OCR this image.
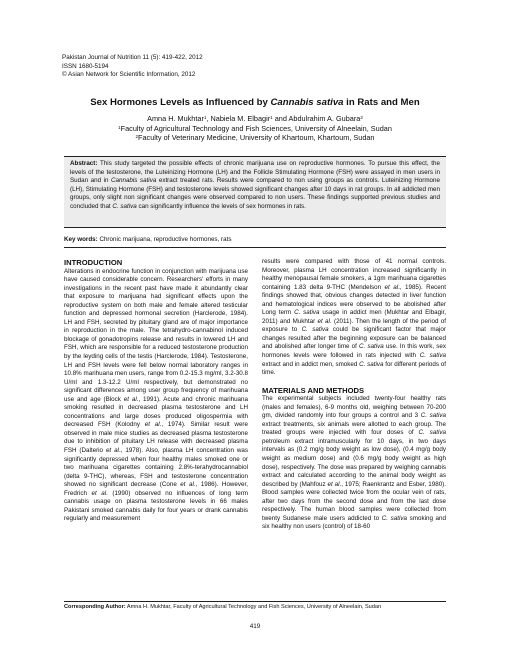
Pakistan Journal of Nutrition 11 (5): 419-422, 2012
ISSN 1680-5194
© Asian Network for Scientific Information, 2012
Sex Hormones Levels as Influenced by Cannabis sativa in Rats and Men
Amna H. Mukhtar$^1$, Nabiela M. Elbagir$^1$ and Abdulrahim A. Gubara$^2$
$^1$Faculty of Agricultural Technology and Fish Sciences, University of Alneelain, Sudan
$^2$Faculty of Veterinary Medicine, University of Khartoum, Khartoum, Sudan

Abstract: This study targeted the possible effects of chronic marijuana use on reproductive hormones. To pursue this effect, the levels of the testosterone, the Luteinizing Hormone (LH) and the Follicle Stimulating Hormone (FSH) were assayed in men users in Sudan and in Cannabis sativa extract treated rats. Results were compared to non using groups as controls. Luteinizing Hormone (LH), Stimulating Hormone (FSH) and testosterone levels showed significant changes after 10 days in rat groups. In all addicted men groups, only slight non significant changes were observed compared to non users. These findings supported previous studies and concluded that C. sativa can significantly influence the levels of sex hormones in rats.

Key words: Chronic marijuana, reproductive hormones, rats
INTRODUCTION

Alterations in endocrine function in conjunction with marijuana use have caused considerable concern. Researchers' efforts in many investigations in the recent past have made it abundantly clear that exposure to marijuana had significant effects upon the reproductive system on both male and female altered testicular function and depressed hormonal secretion (Harclerode, 1984). LH and FSH, secreted by pituitary gland are of major importance in reproduction in the male. The tetrahydro-cannabinol induced blockage of gonadotropins release and results in lowered LH and FSH, which are responsible for a reduced testosterone production by the leyding cells of the testis (Harclerode, 1984). Testosterone, LH and FSH levels were fell below normal laboratory ranges in 10.8% marihuana men users, range from 0.2-15.3 mg/ml, 3.2-30.8 U/ml and 1.3-12.2 U/ml respectively, but demonstrated no significant differences among user group frequency of marihuana use and age (Block et al., 1991). Acute and chronic marihuana smoking resulted in decreased plasma testosterone and LH concentrations and large doses produced oligospermia with decreased FSH (Kolodny et al., 1974). Similar result were observed in male mice studies as decreased plasma testosterone due to inhibition of pituitary LH release with decreased plasma FSH (Dalterio et al., 1978). Also, plasma LH concentration was significantly depressed when four healthy males smoked one or two marihuana cigarettes containing 2.8%-terahydrocannabiol (delta 9-THC), whereas, FSH and testosterone concentration showed no significant decrease (Cone et al., 1986). However, Fredrich et al. (1990) observed no influences of long term cannabis usage on plasma testosterone levels in 66 males Pakistani smoked cannabis daily for four years or drank cannabis regularly and measurement

results were compared with those of 41 normal controls. Moreover, plasma LH concentration increased significantly in healthy menopausal female smokers, a 1gm marihuana cigarettes containing 1.83 delta 9-THC (Mendelson et al., 1985). Recent findings showed that, obvious changes detected in liver function and hematological indices were observed to be abolished after Long term C. sativa usage in addict men (Mukhtar and Elbagir, 2011) and Mukhtar et al. (2011). Then the length of the period of exposure to C. sativa could be significant factor that major changes resulted after the beginning exposure can be balanced and abolished after longer time of C. sativa use. In this work, sex hormones levels were followed in rats injected with C. sativa extract and in addict men, smoked C. sativa for different periods of time.

MATERIALS AND METHODS

The experimental subjects included twenty-four healthy rats (males and females), 6-9 months old, weighing between 70-200 gm, divided randomly into four groups a control and 3 C. sativa extract treatments, six animals were allotted to each group. The treated groups were injected with four doses of C. sativa petroleum extract intramuscularly for 10 days, in two days intervals as (0.2 mg/g body weight as low dose), (0.4 mg/g body weight as medium dose) and (0.6 mg/g body weight as high dose), respectively. The dose was prepared by weighing cannabis extract and calculated according to the animal body weight as described by (Mahfouz et al., 1975; Raenkrantz and Esber, 1980). Blood samples were collected twice from the ocular vein of rats, after two days from the second dose and from the last dose respectively. The human blood samples were collected from twenty Sudanese male users addicted to C. sativa smoking and six healthy non users (control) of 18-60

Corresponding Author: Amna H. Mukhtar, Faculty of Agricultural Technology and Fish Sciences, University of Alneelain, Sudan
419
